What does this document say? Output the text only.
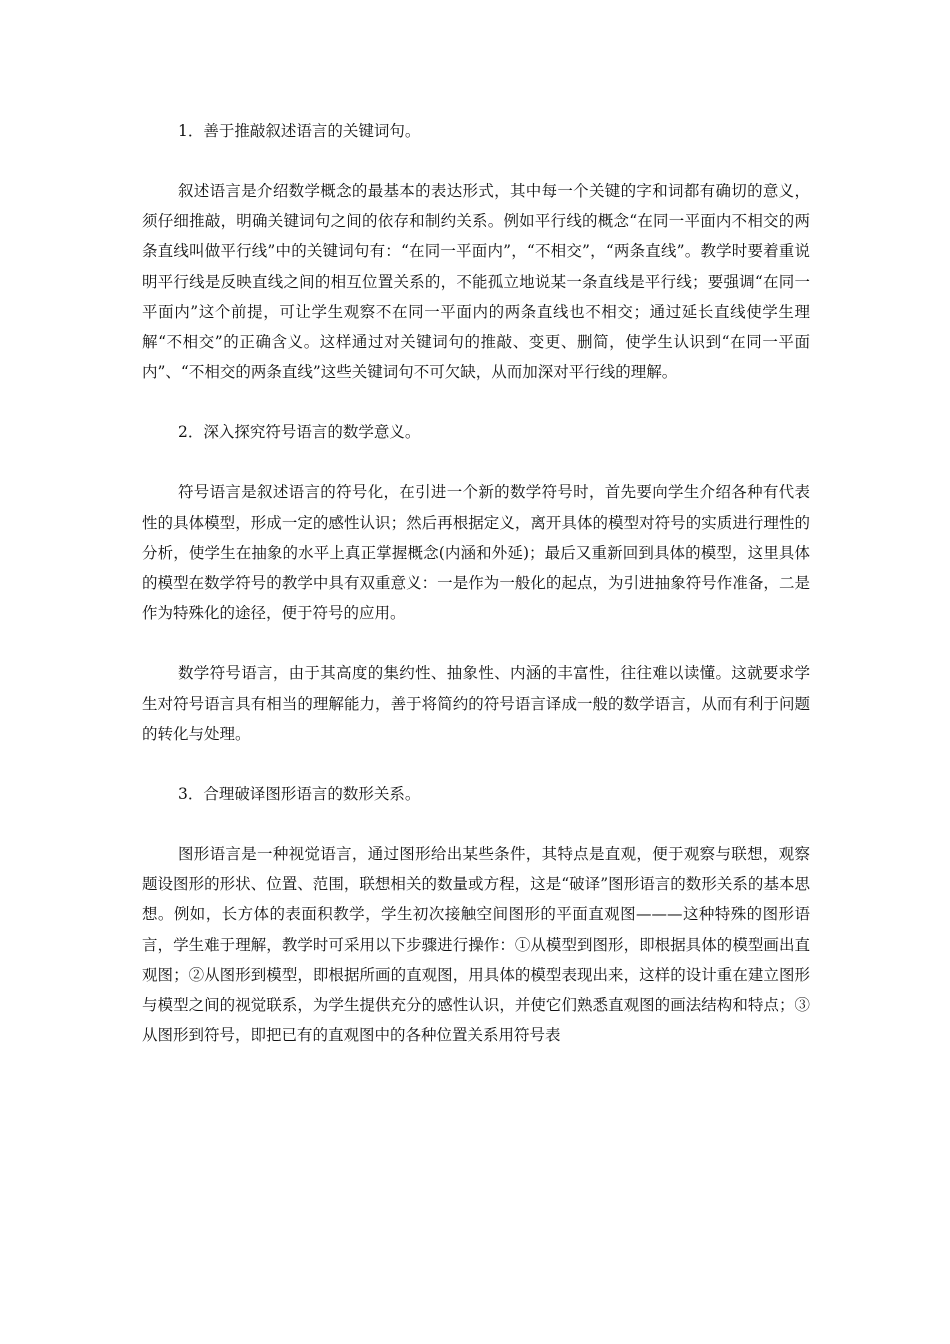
1．善于推敲叙述语言的关键词句。

叙述语言是介绍数学概念的最基本的表达形式，其中每一个关键的字和词都有确切的意义，须仔细推敲，明确关键词句之间的依存和制约关系。例如平行线的概念“在同一平面内不相交的两条直线叫做平行线”中的关键词句有：“在同一平面内”，“不相交”，“两条直线”。教学时要着重说明平行线是反映直线之间的相互位置关系的，不能孤立地说某一条直线是平行线；要强调“在同一平面内”这个前提，可让学生观察不在同一平面内的两条直线也不相交；通过延长直线使学生理解“不相交”的正确含义。这样通过对关键词句的推敲、变更、删简，使学生认识到“在同一平面内”、“不相交的两条直线”这些关键词句不可欠缺，从而加深对平行线的理解。

2．深入探究符号语言的数学意义。

符号语言是叙述语言的符号化，在引进一个新的数学符号时，首先要向学生介绍各种有代表性的具体模型，形成一定的感性认识；然后再根据定义，离开具体的模型对符号的实质进行理性的分析，使学生在抽象的水平上真正掌握概念(内涵和外延)；最后又重新回到具体的模型，这里具体的模型在数学符号的教学中具有双重意义：一是作为一般化的起点，为引进抽象符号作准备，二是作为特殊化的途径，便于符号的应用。

数学符号语言，由于其高度的集约性、抽象性、内涵的丰富性，往往难以读懂。这就要求学生对符号语言具有相当的理解能力，善于将简约的符号语言译成一般的数学语言，从而有利于问题的转化与处理。

3．合理破译图形语言的数形关系。

图形语言是一种视觉语言，通过图形给出某些条件，其特点是直观，便于观察与联想，观察题设图形的形状、位置、范围，联想相关的数量或方程，这是“破译”图形语言的数形关系的基本思想。例如，长方体的表面积教学，学生初次接触空间图形的平面直观图———这种特殊的图形语言，学生难于理解，教学时可采用以下步骤进行操作：①从模型到图形，即根据具体的模型画出直观图；②从图形到模型，即根据所画的直观图，用具体的模型表现出来，这样的设计重在建立图形与模型之间的视觉联系，为学生提供充分的感性认识，并使它们熟悉直观图的画法结构和特点；③从图形到符号，即把已有的直观图中的各种位置关系用符号表
